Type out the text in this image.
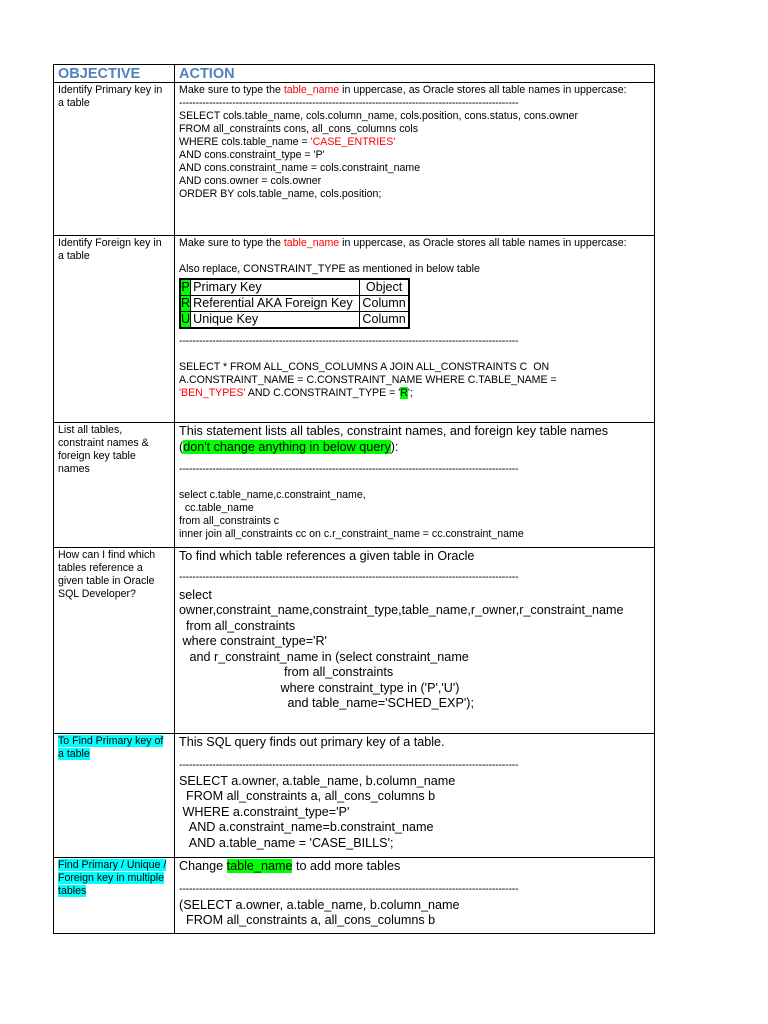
OBJECTIVE	ACTION
Identify Primary key in a table	
Make sure to type the table_name in uppercase, as Oracle stores all table names in uppercase:
------------------------------------------------------------------------------------------------------
SELECT cols.table_name, cols.column_name, cols.position, cons.status, cons.owner
FROM all_constraints cons, all_cons_columns cols
WHERE cols.table_name = 'CASE_ENTRIES'
AND cons.constraint_type = 'P'
AND cons.constraint_name = cols.constraint_name
AND cons.owner = cols.owner
ORDER BY cols.table_name, cols.position;

Identify Foreign key in a table	
Make sure to type the table_name in uppercase, as Oracle stores all table names in uppercase:
Also replace, CONSTRAINT_TYPE as mentioned in below table
P	Primary Key	Object
R	Referential AKA Foreign Key	Column
U	Unique Key	Column
------------------------------------------------------------------------------------------------------
SELECT * FROM ALL_CONS_COLUMNS A JOIN ALL_CONSTRAINTS C  ON
A.CONSTRAINT_NAME = C.CONSTRAINT_NAME WHERE C.TABLE_NAME =
'BEN_TYPES' AND C.CONSTRAINT_TYPE = 'R';

List all tables, constraint names & foreign key table names	
This statement lists all tables, constraint names, and foreign key table names
(don't change anything in below query):
------------------------------------------------------------------------------------------------------
select c.table_name,c.constraint_name,
cc.table_name
from all_constraints c
inner join all_constraints cc on c.r_constraint_name = cc.constraint_name

How can I find which tables reference a given table in Oracle SQL Developer?	
To find which table references a given table in Oracle
------------------------------------------------------------------------------------------------------
select
owner,constraint_name,constraint_type,table_name,r_owner,r_constraint_name
from all_constraints
where constraint_type='R'
and r_constraint_name in (select constraint_name
from all_constraints
where constraint_type in ('P','U')
and table_name='SCHED_EXP');

To Find Primary key of a table	
This SQL query finds out primary key of a table.
------------------------------------------------------------------------------------------------------
SELECT a.owner, a.table_name, b.column_name
FROM all_constraints a, all_cons_columns b
WHERE a.constraint_type='P'
AND a.constraint_name=b.constraint_name
AND a.table_name = 'CASE_BILLS';

Find Primary / Unique / Foreign key in multiple tables	
Change table_name to add more tables
------------------------------------------------------------------------------------------------------
(SELECT a.owner, a.table_name, b.column_name
FROM all_constraints a, all_cons_columns b
